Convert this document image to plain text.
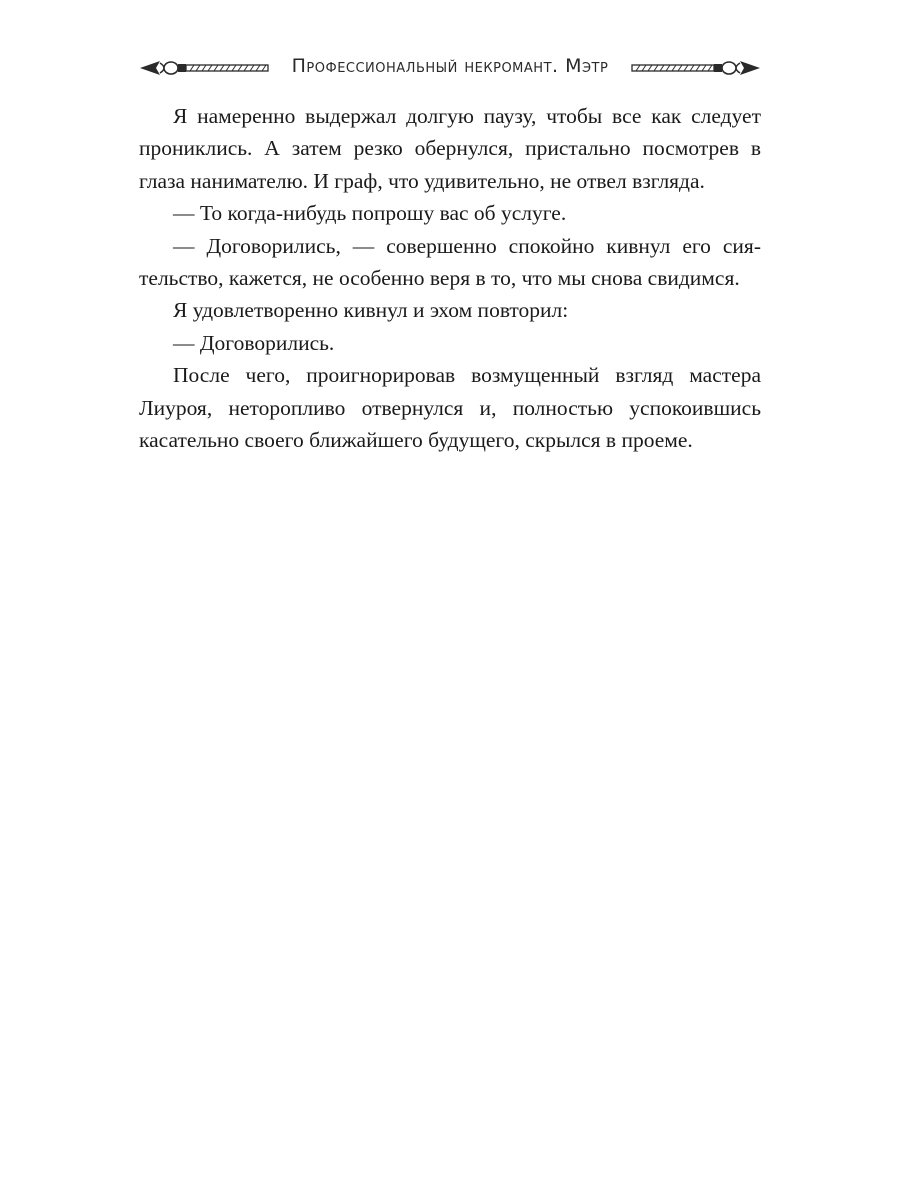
Профессиональный некромант. Мэтр

Я намеренно выдержал долгую паузу, чтобы все как следует прониклись. А затем резко обернулся, пристально посмотрев в глаза нанимателю. И граф, что удивительно, не отвел взгляда.

— То когда-нибудь попрошу вас об услуге.

— Договорились, — совершенно спокойно кивнул его сиятельство, кажется, не особенно веря в то, что мы снова свидимся.

Я удовлетворенно кивнул и эхом повторил:

— Договорились.

После чего, проигнорировав возмущенный взгляд мастера Лиуроя, неторопливо отвернулся и, полностью успокоившись касательно своего ближайшего будущего, скрылся в проеме.
